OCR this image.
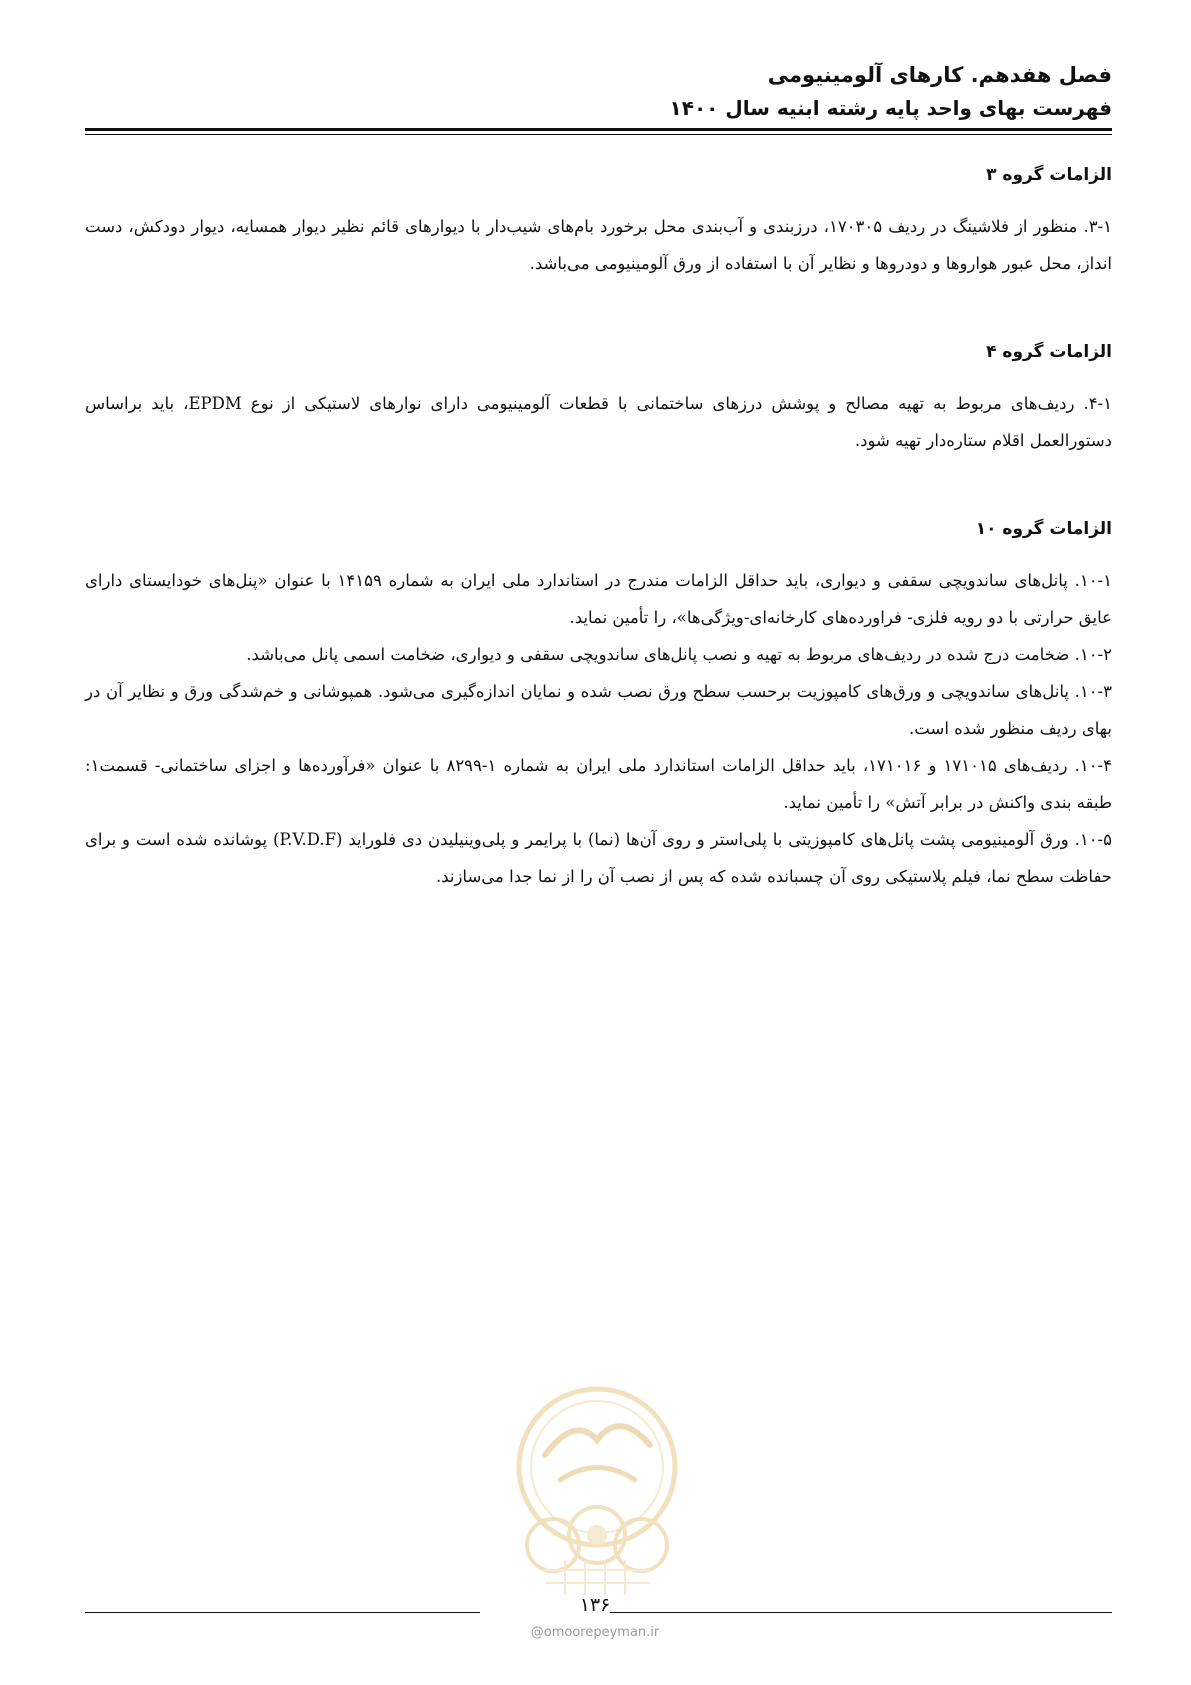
فصل هفدهم. کارهای آلومینیومی
فهرست بهای واحد پایه رشته ابنیه سال ۱۴۰۰
الزامات گروه ۳

۳-۱. منظور از فلاشینگ در ردیف ۱۷۰۳۰۵، درزبندی و آب‌بندی محل برخورد بام‌های شیب‌دار با دیوارهای قائم نظیر دیوار همسایه، دیوار دودکش، دست انداز، محل عبور هواروها و دودروها و نظایر آن با استفاده از ورق آلومینیومی می‌باشد.

الزامات گروه ۴

۴-۱. ردیف‌های مربوط به تهیه مصالح و پوشش درزهای ساختمانی با قطعات آلومینیومی دارای نوارهای لاستیکی از نوع EPDM، باید براساس دستورالعمل اقلام ستاره‌دار تهیه شود.

الزامات گروه ۱۰

۱۰-۱. پانل‌های ساندویچی سقفی و دیواری، باید حداقل الزامات مندرج در استاندارد ملی ایران به شماره ۱۴۱۵۹ با عنوان «پنل‌های خودایستای دارای عایق حرارتی با دو رویه فلزی- فراورده‌های کارخانه‌ای-ویژگی‌ها»، را تأمین نماید.

۱۰-۲. ضخامت درج شده در ردیف‌های مربوط به تهیه و نصب پانل‌های ساندویچی سقفی و دیواری، ضخامت اسمی پانل می‌باشد.

۱۰-۳. پانل‌های ساندویچی و ورق‌های کامپوزیت برحسب سطح ورق نصب شده و نمایان اندازه‌گیری می‌شود. همپوشانی و خم‌شدگی ورق و نظایر آن در بهای ردیف منظور شده است.

۱۰-۴. ردیف‌های ۱۷۱۰۱۵ و ۱۷۱۰۱۶، باید حداقل الزامات استاندارد ملی ایران به شماره ۱-۸۲۹۹ با عنوان «فرآورده‌ها و اجزای ساختمانی- قسمت۱: طبقه بندی واکنش در برابر آتش» را تأمین نماید.

۱۰-۵. ورق آلومینیومی پشت پانل‌های کامپوزیتی با پلی‌استر و روی آن‌ها (نما) با پرایمر و پلی‌وینیلیدن دی فلوراید (P.V.D.F) پوشانده شده است و برای حفاظت سطح نما، فیلم پلاستیکی روی آن چسبانده شده که پس از نصب آن را از نما جدا می‌سازند.

۱۳۶
@omoorepeyman.ir
